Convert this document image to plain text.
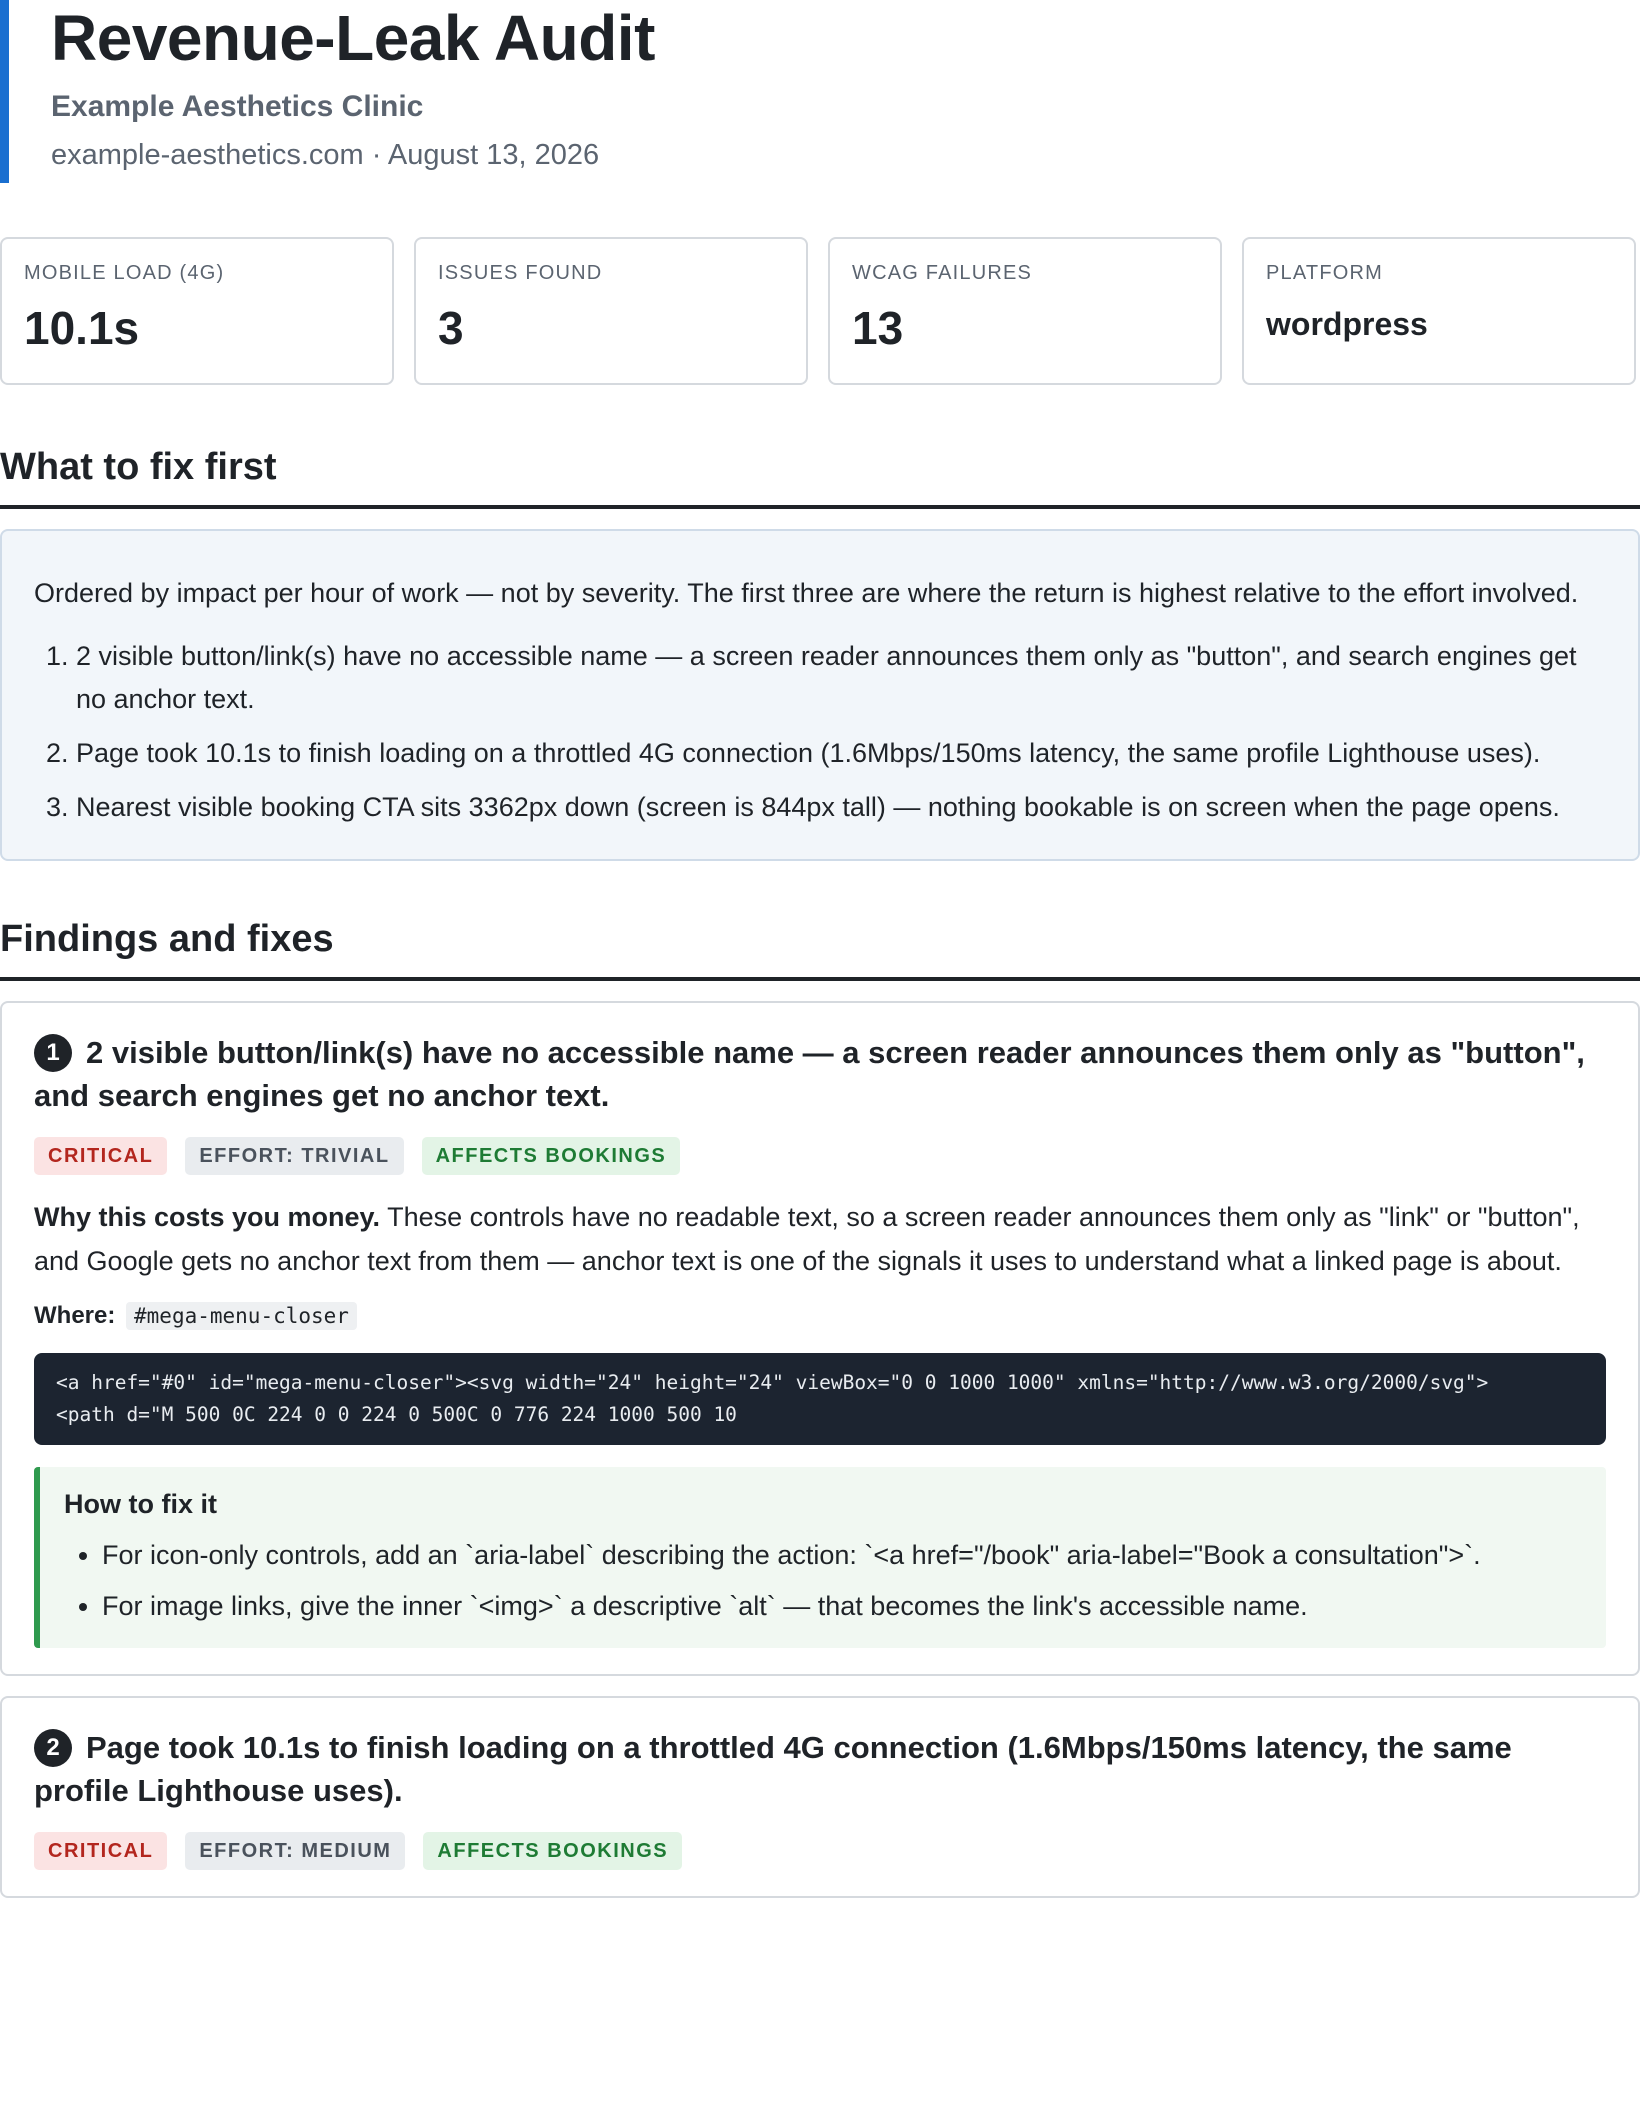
Revenue-Leak Audit
Example Aesthetics Clinic
example-aesthetics.com · August 13, 2026
MOBILE LOAD (4G)
10.1s
ISSUES FOUND
3
WCAG FAILURES
13
PLATFORM
wordpress
What to fix first

Ordered by impact per hour of work — not by severity. The first three are where the return is highest relative to the effort involved.

1. 2 visible button/link(s) have no accessible name — a screen reader announces them only as "button", and search engines get no anchor text.
2. Page took 10.1s to finish loading on a throttled 4G connection (1.6Mbps/150ms latency, the same profile Lighthouse uses).
3. Nearest visible booking CTA sits 3362px down (screen is 844px tall) — nothing bookable is on screen when the page opens.
Findings and fixes
1 2 visible button/link(s) have no accessible name — a screen reader announces them only as "button", and search engines get no anchor text.
CRITICAL	EFFORT: TRIVIAL	AFFECTS BOOKINGS

Why this costs you money. These controls have no readable text, so a screen reader announces them only as "link" or "button", and Google gets no anchor text from them — anchor text is one of the signals it uses to understand what a linked page is about.

Where: #mega-menu-closer
<a href="#0" id="mega-menu-closer"><svg width="24" height="24" viewBox="0 0 1000 1000" xmlns="http://www.w3.org/2000/svg">
<path d="M 500 0C 224 0 0 224 0 500C 0 776 224 1000 500 10
How to fix it
• For icon-only controls, add an `aria-label` describing the action: `<a href="/book" aria-label="Book a consultation">`.
• For image links, give the inner `<img>` a descriptive `alt` — that becomes the link's accessible name.
2 Page took 10.1s to finish loading on a throttled 4G connection (1.6Mbps/150ms latency, the same profile Lighthouse uses).
CRITICAL	EFFORT: MEDIUM	AFFECTS BOOKINGS
